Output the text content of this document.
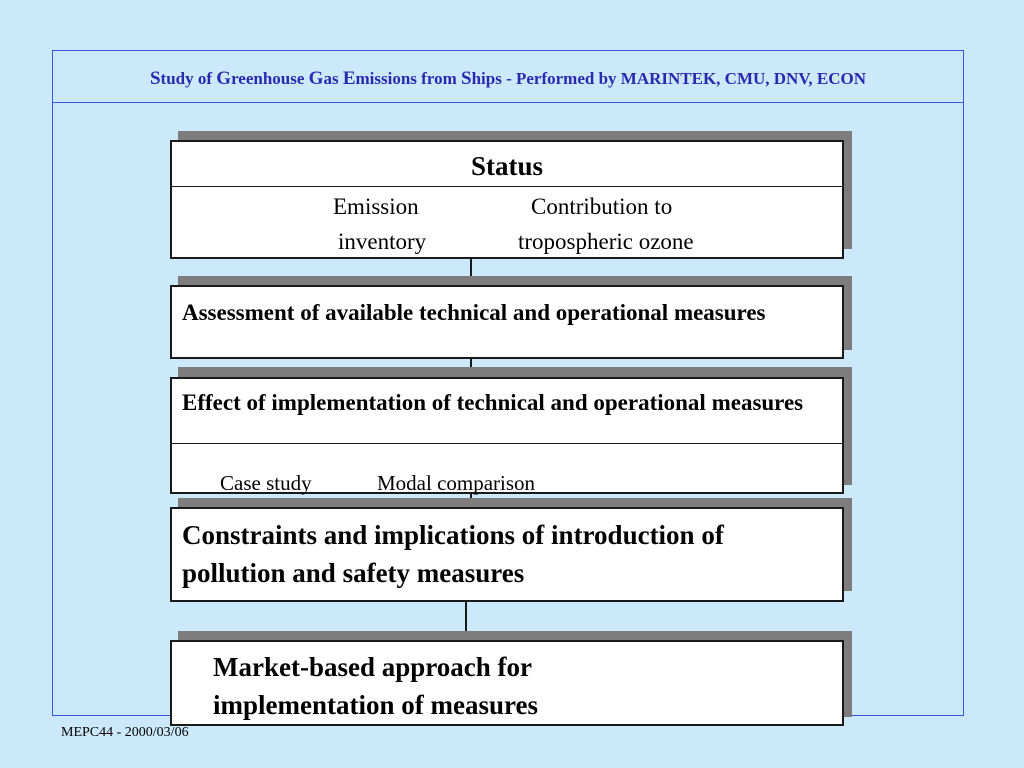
Study of Greenhouse Gas Emissions from Ships - Performed by MARINTEK, CMU, DNV, ECON
Status
Emission
inventory
Contribution to
tropospheric ozone
Assessment of available technical and operational measures
Effect of implementation of technical and operational measures
Case study	Modal comparison
Constraints and implications of introduction of pollution and safety measures
Market-based approach for implementation of measures
MEPC44 - 2000/03/06
